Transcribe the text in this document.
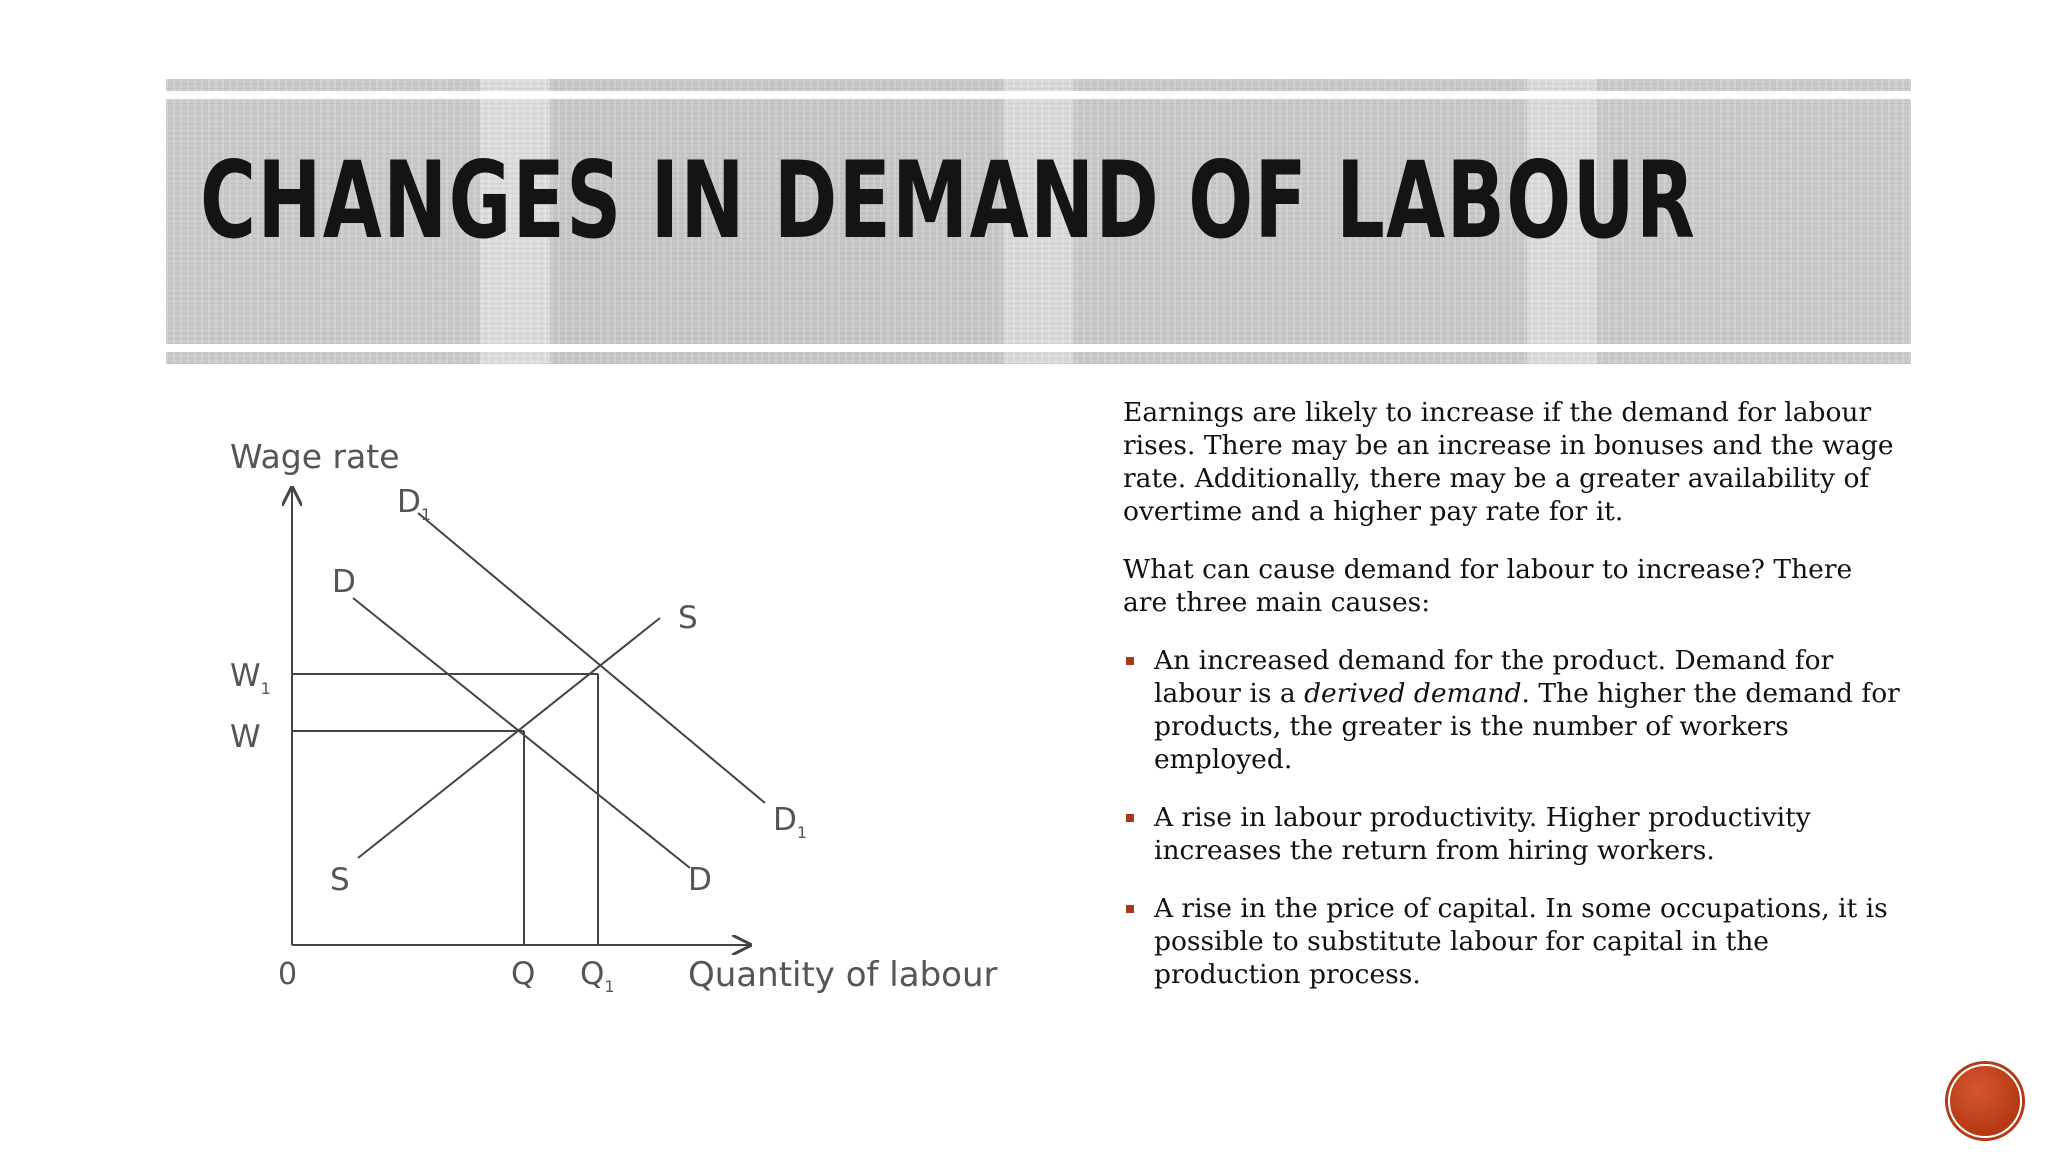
CHANGES IN DEMAND OF LABOUR
Wage rate
Quantity of labour
0
$D_1$
D
S
$W_1$
W
$D_1$
S	D
Q $Q_1$

Earnings are likely to increase if the demand for labour rises. There may be an increase in bonuses and the wage rate. Additionally, there may be a greater availability of overtime and a higher pay rate for it.

What can cause demand for labour to increase? There are three main causes:

An increased demand for the product. Demand for labour is a derived demand. The higher the demand for products, the greater is the number of workers employed.
A rise in labour productivity. Higher productivity increases the return from hiring workers.
A rise in the price of capital. In some occupations, it is possible to substitute labour for capital in the production process.
